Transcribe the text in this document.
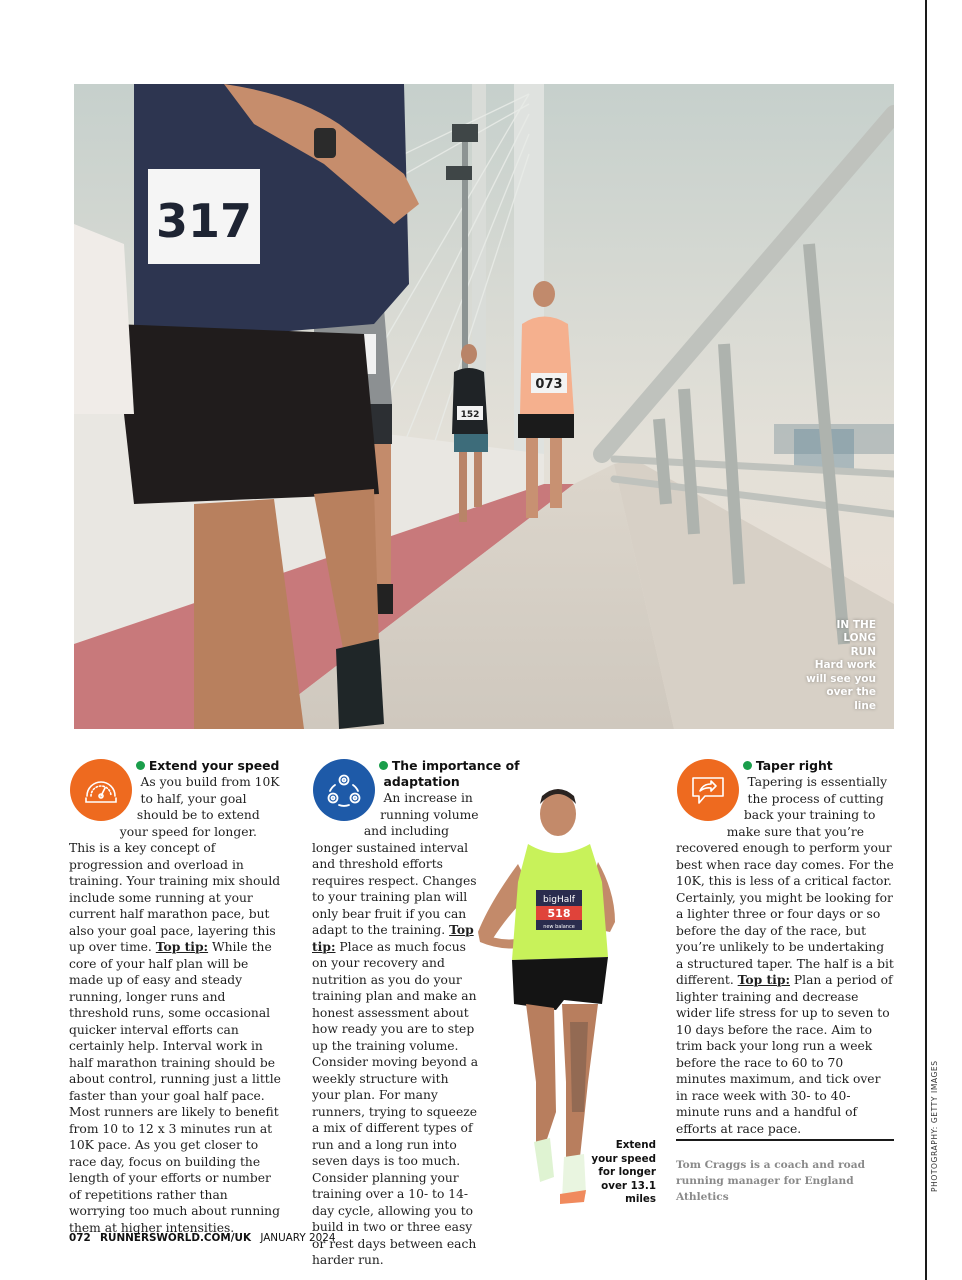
073
152
317
IN THE LONG RUN
Hard work will see you over the line
Extend your speed

As you build from 10K to half, your goal should be to extend your speed for longer. This is a key concept of progression and overload in training. Your training mix should include some running at your current half marathon pace, but also your goal pace, layering this up over time. Top tip: While the core of your half plan will be made up of easy and steady running, longer runs and threshold runs, some occasional quicker interval efforts can certainly help. Interval work in half marathon training should be about control, running just a little faster than your goal half pace. Most runners are likely to benefit from 10 to 12 x 3 minutes run at 10K pace. As you get closer to race day, focus on building the length of your efforts or number of repetitions rather than worrying too much about running them at higher intensities.

The importance of adaptation

An increase in running volume and including longer sustained interval and threshold efforts requires respect. Changes to your training plan will only bear fruit if you can adapt to the training. Top tip: Place as much focus on your recovery and nutrition as you do your training plan and make an honest assessment about how ready you are to step up the training volume. Consider moving beyond a weekly structure with your plan. For many runners, trying to squeeze a mix of different types of run and a long run into seven days is too much. Consider planning your training over a 10- to 14-day cycle, allowing you to build in two or three easy or rest days between each harder run.

bigHalf
518
new balance
Extend your speed for longer over 13.1 miles
Taper right

Tapering is essentially the process of cutting back your training to make sure that you’re recovered enough to perform your best when race day comes. For the 10K, this is less of a critical factor. Certainly, you might be looking for a lighter three or four days or so before the day of the race, but you’re unlikely to be undertaking a structured taper. The half is a bit different. Top tip: Plan a period of lighter training and decrease wider life stress for up to seven to 10 days before the race. Aim to trim back your long run a week before the race to 60 to 70 minutes maximum, and tick over in race week with 30- to 40-minute runs and a handful of efforts at race pace.

Tom Craggs is a coach and road running manager for England Athletics
072 RUNNERSWORLD.COM/UK JANUARY 2024
PHOTOGRAPHY: GETTY IMAGES
